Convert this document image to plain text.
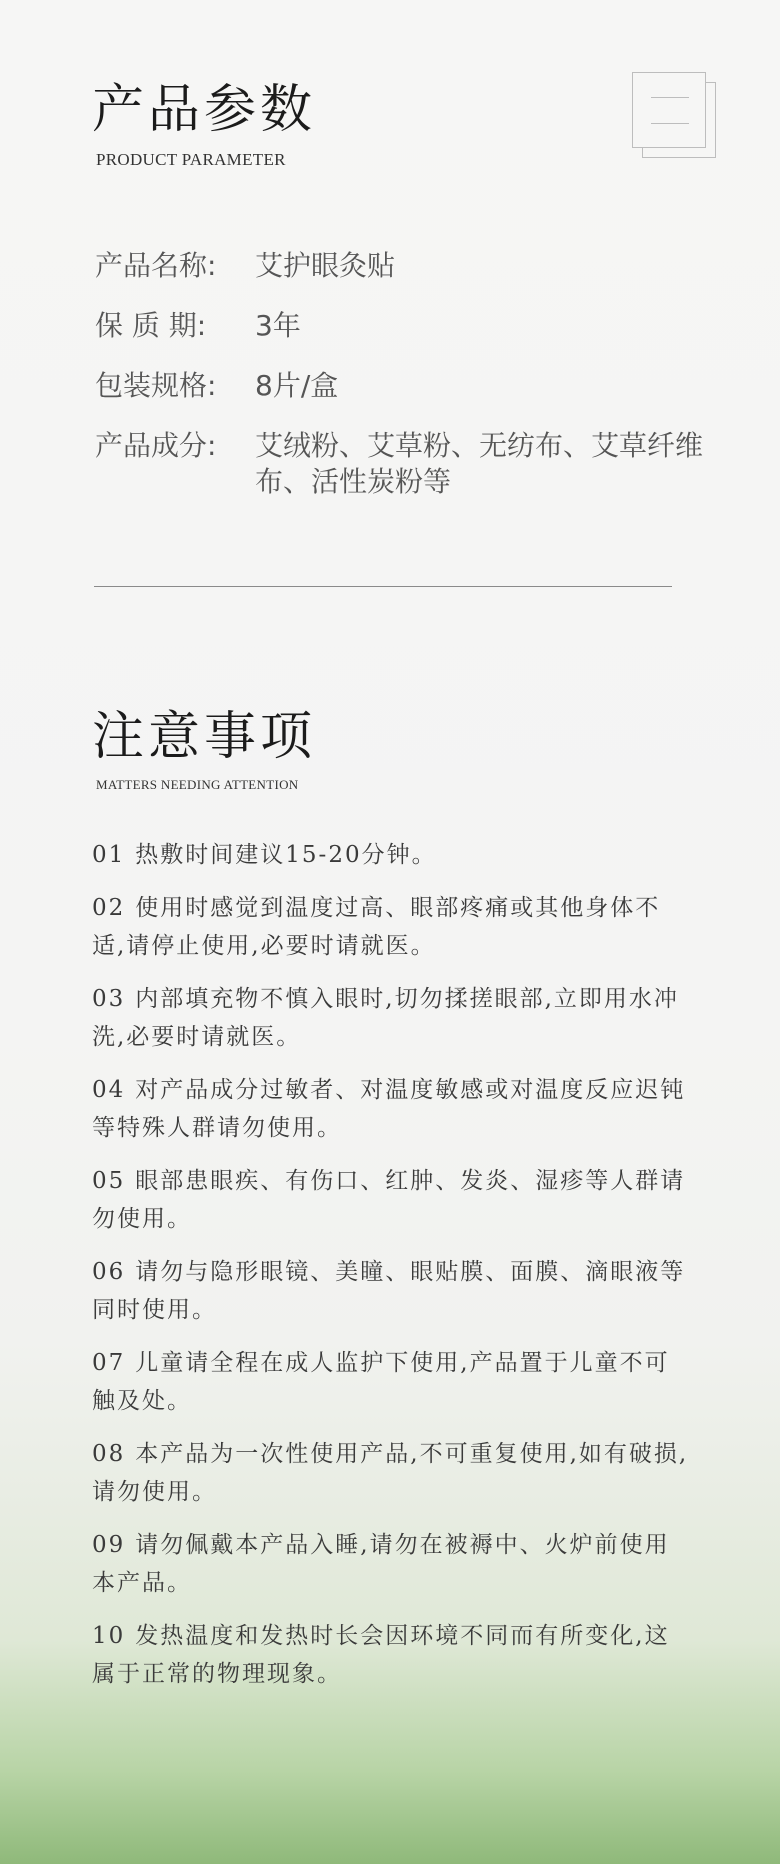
产品参数

PRODUCT PARAMETER

产品名称:	艾护眼灸贴
保 质 期:	3年
包装规格:	8片/盒
产品成分:	艾绒粉、艾草粉、无纺布、艾草纤维布、活性炭粉等
注意事项

MATTERS NEEDING ATTENTION

01 热敷时间建议15-20分钟。
02 使用时感觉到温度过高、眼部疼痛或其他身体不适,请停止使用,必要时请就医。
03 内部填充物不慎入眼时,切勿揉搓眼部,立即用水冲洗,必要时请就医。
04 对产品成分过敏者、对温度敏感或对温度反应迟钝等特殊人群请勿使用。
05 眼部患眼疾、有伤口、红肿、发炎、湿疹等人群请勿使用。
06 请勿与隐形眼镜、美瞳、眼贴膜、面膜、滴眼液等同时使用。
07 儿童请全程在成人监护下使用,产品置于儿童不可触及处。
08 本产品为一次性使用产品,不可重复使用,如有破损,请勿使用。
09 请勿佩戴本产品入睡,请勿在被褥中、火炉前使用本产品。
10 发热温度和发热时长会因环境不同而有所变化,这属于正常的物理现象。
